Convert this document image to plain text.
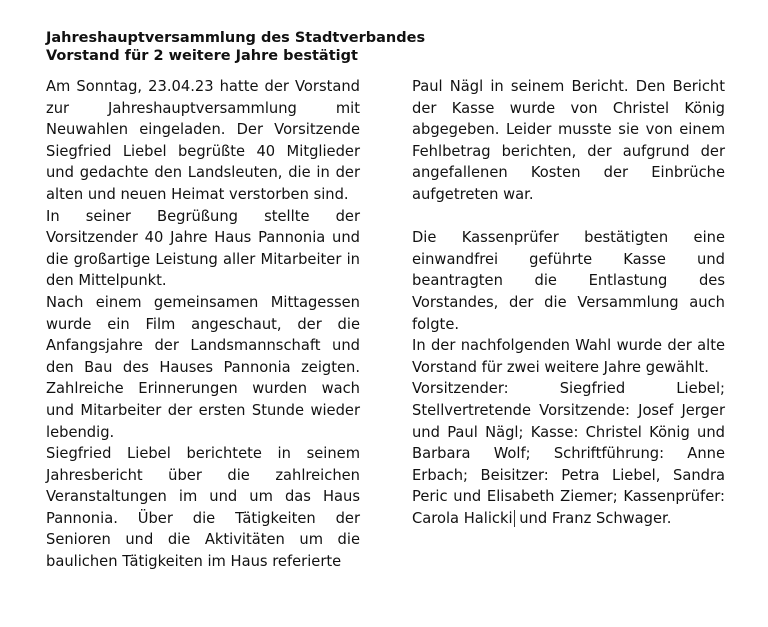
Jahreshauptversammlung des Stadtverbandes
Vorstand für 2 weitere Jahre bestätigt

Am Sonntag, 23.04.23 hatte der Vorstand zur Jahreshauptversammlung mit Neuwahlen eingeladen. Der Vorsitzende Siegfried Liebel begrüßte 40 Mitglieder und gedachte den Landsleuten, die in der alten und neuen Heimat verstorben sind.

In seiner Begrüßung stellte der Vorsitzender 40 Jahre Haus Pannonia und die großartige Leistung aller Mitarbeiter in den Mittelpunkt.

Nach einem gemeinsamen Mittagessen wurde ein Film angeschaut, der die Anfangsjahre der Landsmannschaft und den Bau des Hauses Pannonia zeigten. Zahlreiche Erinnerungen wurden wach und Mitarbeiter der ersten Stunde wieder lebendig.

Siegfried Liebel berichtete in seinem Jahresbericht über die zahlreichen Veranstaltungen im und um das Haus Pannonia. Über die Tätigkeiten der Senioren und die Aktivitäten um die baulichen Tätigkeiten im Haus referierte

Paul Nägl in seinem Bericht. Den Bericht der Kasse wurde von Christel König abgegeben. Leider musste sie von einem Fehlbetrag berichten, der aufgrund der angefallenen Kosten der Einbrüche aufgetreten war.

Die Kassenprüfer bestätigten eine einwandfrei geführte Kasse und beantragten die Entlastung des Vorstandes, der die Versammlung auch folgte.

In der nachfolgenden Wahl wurde der alte Vorstand für zwei weitere Jahre gewählt.

Vorsitzender: Siegfried Liebel; Stellvertretende Vorsitzende: Josef Jerger und Paul Nägl; Kasse: Christel König und Barbara Wolf; Schriftführung: Anne Erbach; Beisitzer: Petra Liebel, Sandra Peric und Elisabeth Ziemer; Kassenprüfer: Carola Halicki und Franz Schwager.
